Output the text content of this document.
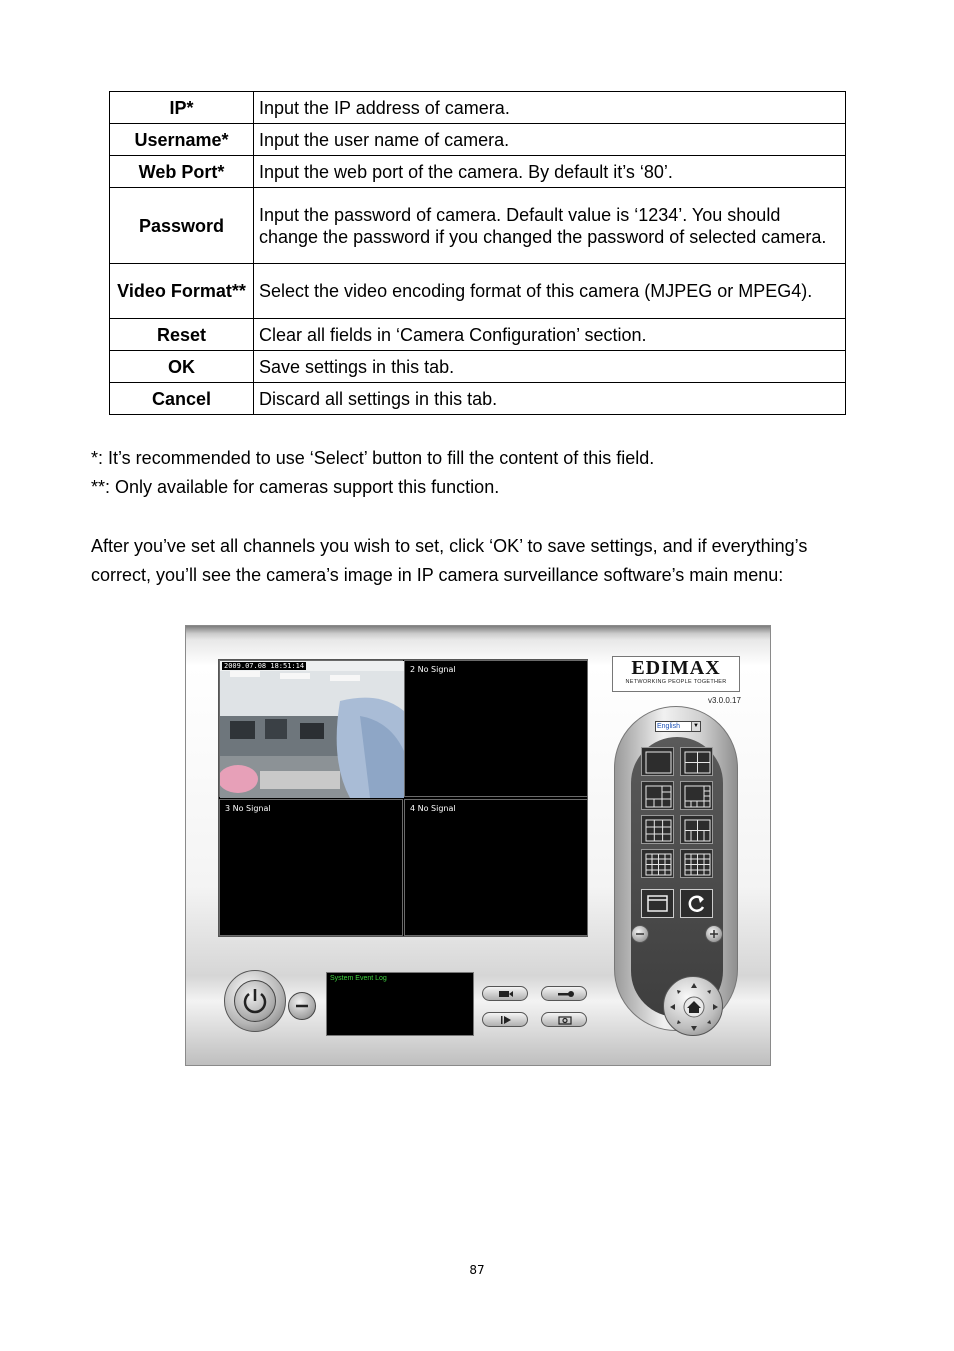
IP*	Input the IP address of camera.
Username*	Input the user name of camera.
Web Port*	Input the web port of the camera. By default it’s ‘80’.
Password	Input the password of camera. Default value is ‘1234’. You should change the password if you changed the password of selected camera.
Video Format**	Select the video encoding format of this camera (MJPEG or MPEG4).
Reset	Clear all fields in ‘Camera Configuration’ section.
OK	Save settings in this tab.
Cancel	Discard all settings in this tab.
*: It’s recommended to use ‘Select’ button to fill the content of this field.
**: Only available for cameras support this function.
After you’ve set all channels you wish to set, click ‘OK’ to save settings, and if everything’s correct, you’ll see the camera’s image in IP camera surveillance software’s main menu:
2009.07.08 18:51:14	2 No Signal
3 No Signal	4 No Signal
EDIMAX
NETWORKING PEOPLE TOGETHER
v3.0.0.17
English	▼
System Event Log
87
